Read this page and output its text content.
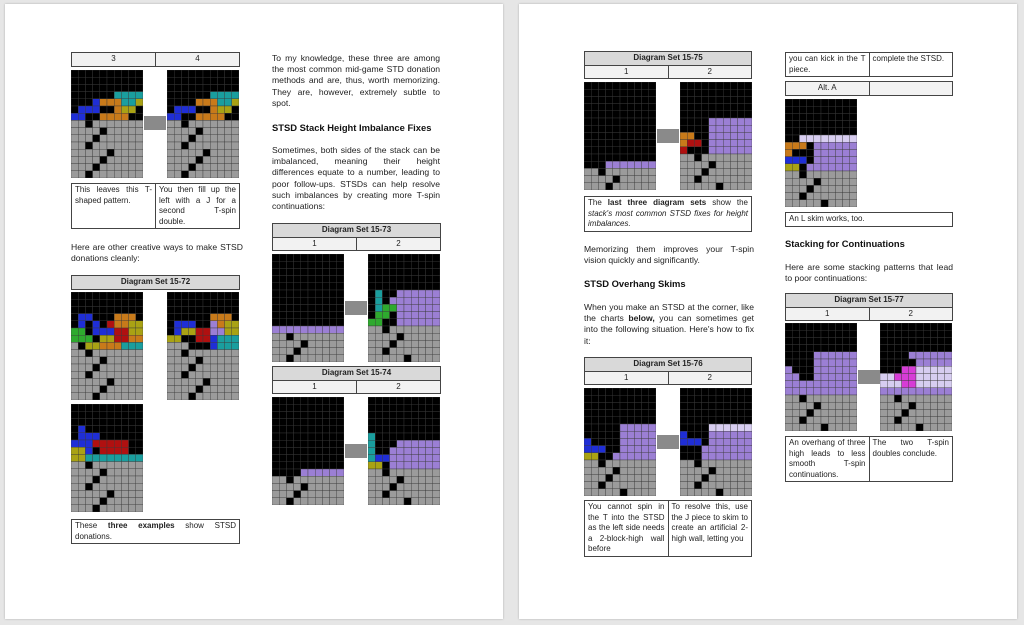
3	4
This leaves this T-shaped pattern.	You then fill up the left with a J for a second T-spin double.

Here are other creative ways to make STSD donations cleanly:

Diagram Set 15-72
These three examples show STSD donations.

To my knowledge, these three are among the most common mid-game STD donation methods and are, thus, worth memorizing. They are, however, extremely subtle to spot.

STSD Stack Height Imbalance Fixes

Sometimes, both sides of the stack can be imbalanced, meaning their height differences equate to a number, leading to poor follow-ups. STSDs can help resolve such imbalances by creating more T-spin continuations:

Diagram Set 15-73
1	2
Diagram Set 15-74
1	2
Diagram Set 15-75
1	2
The last three diagram sets show the stack's most common STSD fixes for height imbalances.

Memorizing them improves your T-spin vision quickly and significantly.

STSD Overhang Skims

When you make an STSD at the corner, like the charts below, you can sometimes get into the following situation. Here's how to fix it:

Diagram Set 15-76
1	2
You cannot spin in the T into the STSD as the left side needs a 2-block-high wall before	To resolve this, use the J piece to skim to create an artificial 2-high wall, letting you
you can kick in the T piece.	complete the STSD.
Alt. A	
An L skim works, too.

Stacking for Continuations

Here are some stacking patterns that lead to poor continuations:

Diagram Set 15-77
1	2
An overhang of three high leads to less smooth T-spin continuations.	The two T-spin doubles conclude.
